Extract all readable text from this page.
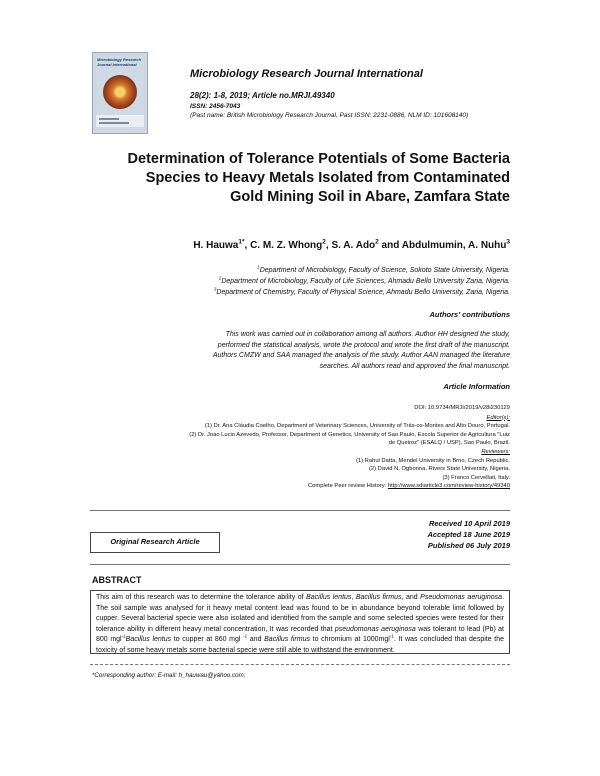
Microbiology Research Journal International
Microbiology Research Journal International
28(2): 1-8, 2019; Article no.MRJI.49340
ISSN: 2456-7043
(Past name: British Microbiology Research Journal, Past ISSN: 2231-0886, NLM ID: 101608140)
Determination of Tolerance Potentials of Some Bacteria Species to Heavy Metals Isolated from Contaminated Gold Mining Soil in Abare, Zamfara State
H. Hauwa$^{1*}$, C. M. Z. Whong$^2$, S. A. Ado$^2$ and Abdulmumin, A. Nuhu$^3$
$^1$Department of Microbiology, Faculty of Science, Sokoto State University, Nigeria.
$^2$Department of Microbiology, Faculty of Life Sciences, Ahmadu Bello University Zaria, Nigeria.
$^3$Department of Chemistry, Faculty of Physical Science, Ahmadu Bello University, Zaria, Nigeria.
Authors' contributions
This work was carried out in collaboration among all authors. Author HH designed the study,
performed the statistical analysis, wrote the protocol and wrote the first draft of the manuscript.
Authors CMZW and SAA managed the analysis of the study. Author AAN managed the literature
searches. All authors read and approved the final manuscript.
Article Information
DOI: 10.9734/MRJI/2019/v28i230129
Editor(s):
(1) Dr. Ana Cláudia Coelho, Department of Veterinary Sciences, University of Trás-os-Montes and Alto Douro, Portugal.
(2) Dr. Joao Lucio Azevedo, Professor, Department of Genetics, University of Sao Paulo, Escola Superior de Agricultura "Luiz
de Queiroz" (ESALQ / USP), Sao Paulo, Brazil.
Reviewers:
(1) Rahul Datta, Mendel University in Brno, Czech Republic.
(2) David N. Ogbonna, Rivers State University, Nigeria.
(3) Franco Cervellati, Italy.
Complete Peer review History: http://www.sdiarticle3.com/review-history/49340
Original Research Article
Received 10 April 2019
Accepted 18 June 2019
Published 06 July 2019
ABSTRACT
This aim of this research was to determine the tolerance ability of Bacillus lentus, Bacillus firmus, and Pseudomonas aeruginosa. The soil sample was analysed for it heavy metal content lead was found to be in abundance beyond tolerable limit followed by cupper. Several bacterial specie were also isolated and identified from the sample and some selected species were tested for their tolerance ability in different heavy metal concentration, It was recorded that pseudomonas aeruginosa was tolerant to lead (Pb) at 800 mgl$^{-1}$Bacillus lentus to cupper at 860 mgl $^{-1}$ and Bacillus firmus to chromium at 1000mgl$^{-1}$. It was concluded that despite the toxicity of some heavy metals some bacterial specie were still able to withstand the environment.
*Corresponding author: E-mail: h_hauwau@yahoo.com;
